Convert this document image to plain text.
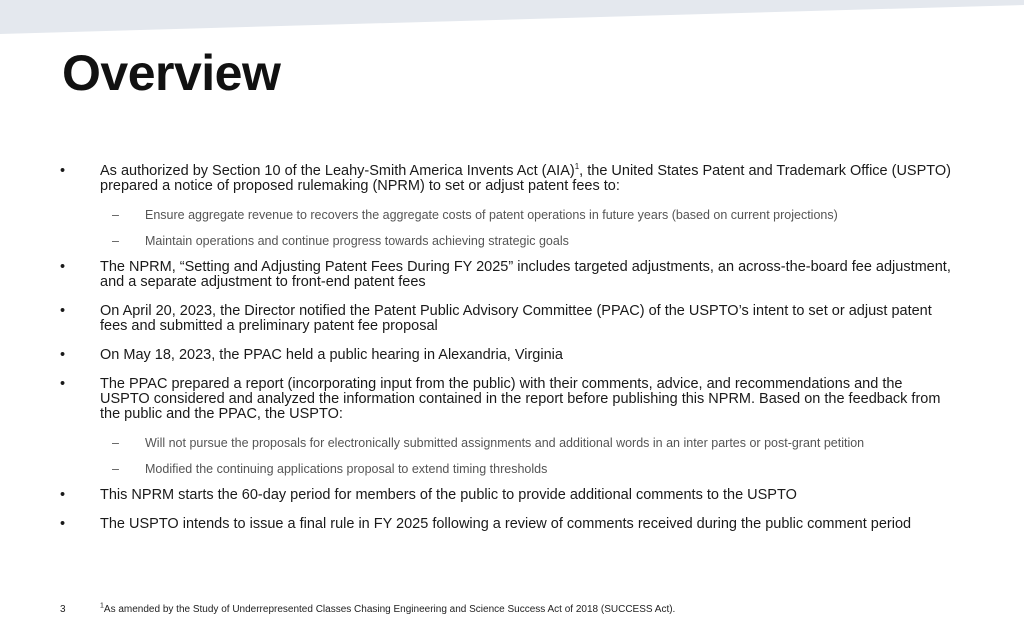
Overview
• As authorized by Section 10 of the Leahy-Smith America Invents Act (AIA)$^1$, the United States Patent and Trademark Office (USPTO) prepared a notice of proposed rulemaking (NPRM) to set or adjust patent fees to:
– Ensure aggregate revenue to recovers the aggregate costs of patent operations in future years (based on current projections)
– Maintain operations and continue progress towards achieving strategic goals
• The NPRM, “Setting and Adjusting Patent Fees During FY 2025” includes targeted adjustments, an across-the-board fee adjustment, and a separate adjustment to front-end patent fees
• On April 20, 2023, the Director notified the Patent Public Advisory Committee (PPAC) of the USPTO’s intent to set or adjust patent fees and submitted a preliminary patent fee proposal
• On May 18, 2023, the PPAC held a public hearing in Alexandria, Virginia
• The PPAC prepared a report (incorporating input from the public) with their comments, advice, and recommendations and the USPTO considered and analyzed the information contained in the report before publishing this NPRM. Based on the feedback from the public and the PPAC, the USPTO:
– Will not pursue the proposals for electronically submitted assignments and additional words in an inter partes or post-grant petition
– Modified the continuing applications proposal to extend timing thresholds
• This NPRM starts the 60-day period for members of the public to provide additional comments to the USPTO
• The USPTO intends to issue a final rule in FY 2025 following a review of comments received during the public comment period
3	$^1$As amended by the Study of Underrepresented Classes Chasing Engineering and Science Success Act of 2018 (SUCCESS Act).
